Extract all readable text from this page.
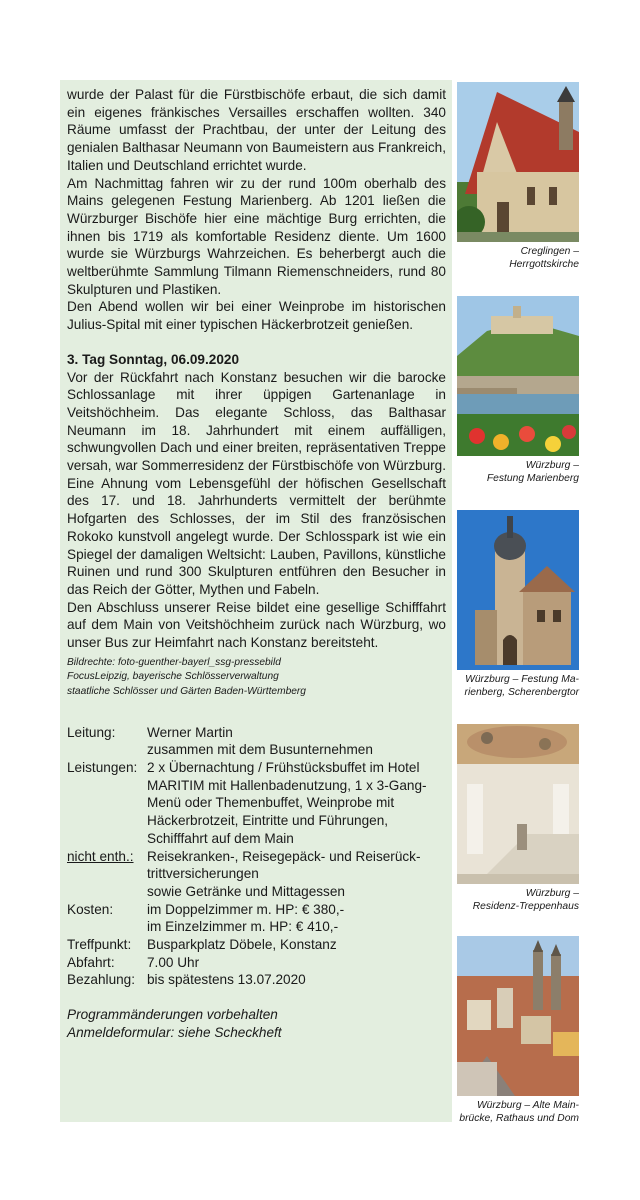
wurde der Palast für die Fürstbischöfe erbaut, die sich damit ein eigenes fränkisches Versailles erschaffen wollten. 340 Räume umfasst der Prachtbau, der unter der Leitung des genialen Balthasar Neumann von Baumeistern aus Frankreich, Italien und Deutschland errichtet wurde.

Am Nachmittag fahren wir zu der rund 100m oberhalb des Mains gelegenen Festung Marienberg. Ab 1201 ließen die Würzburger Bischöfe hier eine mächtige Burg errichten, die ihnen bis 1719 als komfortable Residenz diente. Um 1600 wurde sie Würzburgs Wahrzeichen. Es beherbergt auch die weltberühmte Sammlung Tilmann Riemenschneiders, rund 80 Skulpturen und Plastiken.

Den Abend wollen wir bei einer Weinprobe im historischen Julius-Spital mit einer typischen Häckerbrotzeit genießen.

3. Tag Sonntag, 06.09.2020

Vor der Rückfahrt nach Konstanz besuchen wir die barocke Schlossanlage mit ihrer üppigen Gartenanlage in Veitshöchheim. Das elegante Schloss, das Balthasar Neumann im 18. Jahrhundert mit einem auffälligen, schwungvollen Dach und einer breiten, repräsentativen Treppe versah, war Sommerresidenz der Fürstbischöfe von Würzburg. Eine Ahnung vom Lebensgefühl der höfischen Gesellschaft des 17. und 18. Jahrhunderts vermittelt der berühmte Hofgarten des Schlosses, der im Stil des französischen Rokoko kunstvoll angelegt wurde. Der Schlosspark ist wie ein Spiegel der damaligen Weltsicht: Lauben, Pavillons, künstliche Ruinen und rund 300 Skulpturen entführen den Besucher in das Reich der Götter, Mythen und Fabeln.

Den Abschluss unserer Reise bildet eine gesellige Schifffahrt auf dem Main von Veitshöchheim zurück nach Würzburg, wo unser Bus zur Heimfahrt nach Konstanz bereitsteht.

Bildrechte: foto-guenther-bayerl_ssg-pressebild
FocusLeipzig, bayerische Schlösserverwaltung
staatliche Schlösser und Gärten Baden-Württemberg
Leitung:	Werner Martin
zusammen mit dem Busunternehmen
Leistungen: 2 x Übernachtung / Frühstücksbuffet im Hotel
MARITIM mit Hallenbadenutzung, 1 x 3-Gang-
Menü oder Themenbuffet, Weinprobe mit
Häckerbrotzeit, Eintritte und Führungen,
Schifffahrt auf dem Main
nicht enth.: Reisekranken-, Reisegepäck- und Reiserück-
trittversicherungen
sowie Getränke und Mittagessen
Kosten:	im Doppelzimmer m. HP: € 380,-
im Einzelzimmer m. HP: € 410,-
Treffpunkt:	Busparkplatz Döbele, Konstanz
Abfahrt:	7.00 Uhr
Bezahlung: bis spätestens 13.07.2020
Programmänderungen vorbehalten
Anmeldeformular: siehe Scheckheft
Creglingen –
Herrgottskirche
Würzburg –
Festung Marienberg
Würzburg – Festung Ma-
rienberg, Scherenbergtor
Würzburg –
Residenz-Treppenhaus
Würzburg – Alte Main-
brücke, Rathaus und Dom
